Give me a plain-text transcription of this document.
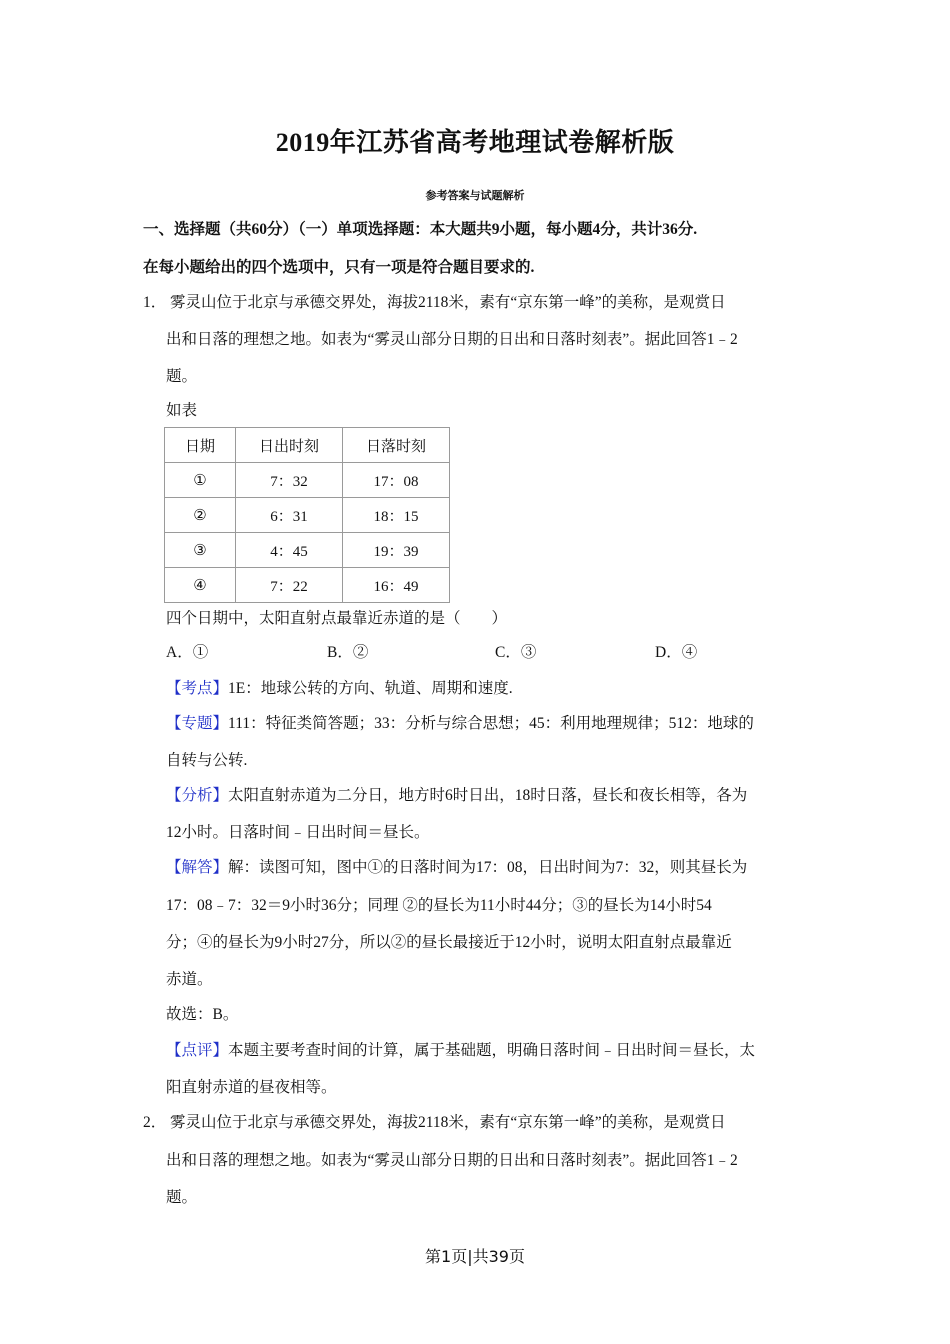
2019年江苏省高考地理试卷解析版
参考答案与试题解析
一、选择题（共60分）（一）单项选择题：本大题共9小题，每小题4分，共计36分.
在每小题给出的四个选项中，只有一项是符合题目要求的.
1． 雾灵山位于北京与承德交界处，海拔2118米，素有“京东第一峰”的美称，是观赏日
出和日落的理想之地。如表为“雾灵山部分日期的日出和日落时刻表”。据此回答1﹣2
题。
如表
日期	日出时刻	日落时刻
①	7：32	17：08
②	6：31	18：15
③	4：45	19：39
④	7：22	16：49
四个日期中，太阳直射点最靠近赤道的是（　　）
A．①	B．②	C．③	D．④
【考点】1E：地球公转的方向、轨道、周期和速度.
【专题】111：特征类简答题；33：分析与综合思想；45：利用地理规律；512：地球的
自转与公转.
【分析】太阳直射赤道为二分日，地方时6时日出，18时日落，昼长和夜长相等，各为
12小时。日落时间﹣日出时间＝昼长。
【解答】解：读图可知，图中①的日落时间为17：08，日出时间为7：32，则其昼长为
17：08﹣7：32＝9小时36分；同理 ②的昼长为11小时44分；③的昼长为14小时54
分；④的昼长为9小时27分，所以②的昼长最接近于12小时，说明太阳直射点最靠近
赤道。
故选：B。
【点评】本题主要考查时间的计算，属于基础题，明确日落时间﹣日出时间＝昼长，太
阳直射赤道的昼夜相等。
2． 雾灵山位于北京与承德交界处，海拔2118米，素有“京东第一峰”的美称，是观赏日
出和日落的理想之地。如表为“雾灵山部分日期的日出和日落时刻表”。据此回答1﹣2
题。
第1页|共39页
